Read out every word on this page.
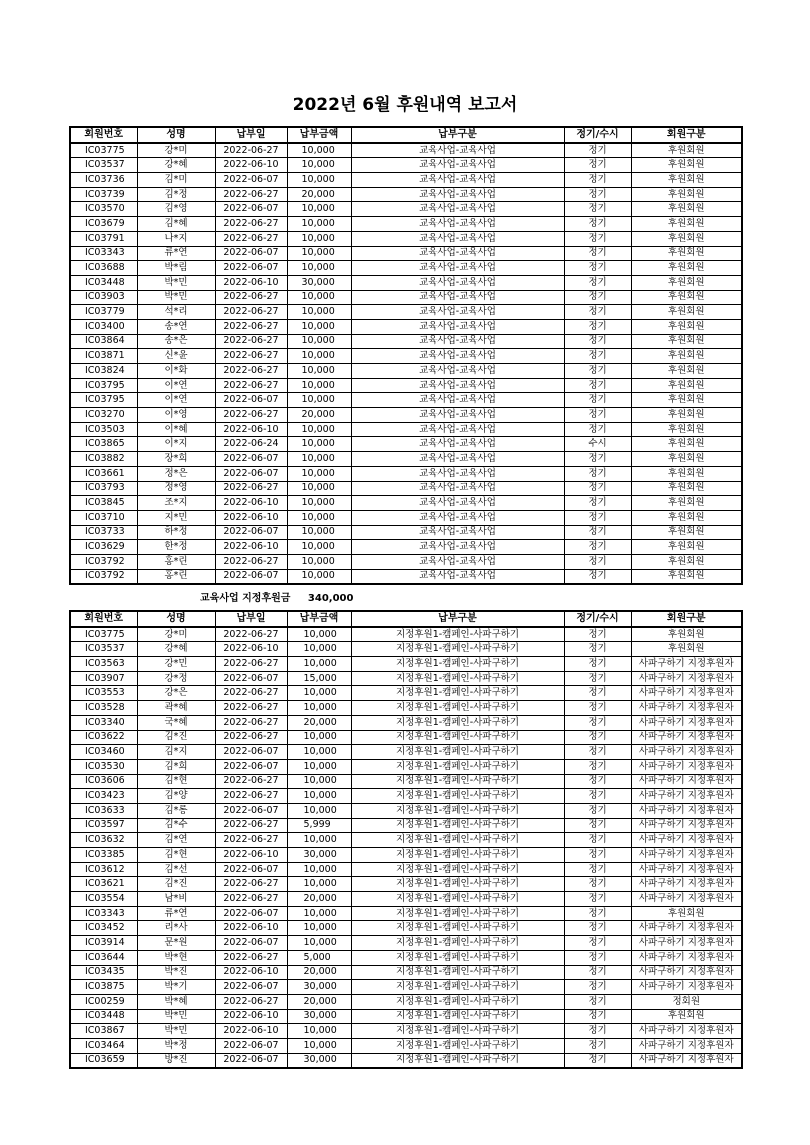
2022년 6월 후원내역 보고서
회원번호	성명	납부일	납부금액	납부구분	정기/수시	회원구분
IC03775	강*미	2022-06-27	10,000	교육사업-교육사업	정기	후원회원
IC03537	강*혜	2022-06-10	10,000	교육사업-교육사업	정기	후원회원
IC03736	김*미	2022-06-07	10,000	교육사업-교육사업	정기	후원회원
IC03739	김*정	2022-06-27	20,000	교육사업-교육사업	정기	후원회원
IC03570	김*영	2022-06-07	10,000	교육사업-교육사업	정기	후원회원
IC03679	김*혜	2022-06-27	10,000	교육사업-교육사업	정기	후원회원
IC03791	나*지	2022-06-27	10,000	교육사업-교육사업	정기	후원회원
IC03343	류*연	2022-06-07	10,000	교육사업-교육사업	정기	후원회원
IC03688	박*림	2022-06-07	10,000	교육사업-교육사업	정기	후원회원
IC03448	박*민	2022-06-10	30,000	교육사업-교육사업	정기	후원회원
IC03903	박*민	2022-06-27	10,000	교육사업-교육사업	정기	후원회원
IC03779	석*리	2022-06-27	10,000	교육사업-교육사업	정기	후원회원
IC03400	송*연	2022-06-27	10,000	교육사업-교육사업	정기	후원회원
IC03864	송*은	2022-06-27	10,000	교육사업-교육사업	정기	후원회원
IC03871	신*윤	2022-06-27	10,000	교육사업-교육사업	정기	후원회원
IC03824	이*화	2022-06-27	10,000	교육사업-교육사업	정기	후원회원
IC03795	이*연	2022-06-27	10,000	교육사업-교육사업	정기	후원회원
IC03795	이*연	2022-06-07	10,000	교육사업-교육사업	정기	후원회원
IC03270	이*영	2022-06-27	20,000	교육사업-교육사업	정기	후원회원
IC03503	이*혜	2022-06-10	10,000	교육사업-교육사업	정기	후원회원
IC03865	이*지	2022-06-24	10,000	교육사업-교육사업	수시	후원회원
IC03882	장*희	2022-06-07	10,000	교육사업-교육사업	정기	후원회원
IC03661	정*은	2022-06-07	10,000	교육사업-교육사업	정기	후원회원
IC03793	정*영	2022-06-27	10,000	교육사업-교육사업	정기	후원회원
IC03845	조*지	2022-06-10	10,000	교육사업-교육사업	정기	후원회원
IC03710	지*민	2022-06-10	10,000	교육사업-교육사업	정기	후원회원
IC03733	하*정	2022-06-07	10,000	교육사업-교육사업	정기	후원회원
IC03629	한*정	2022-06-10	10,000	교육사업-교육사업	정기	후원회원
IC03792	홍*린	2022-06-27	10,000	교육사업-교육사업	정기	후원회원
IC03792	홍*린	2022-06-07	10,000	교육사업-교육사업	정기	후원회원
교육사업 지정후원금 340,000
회원번호	성명	납부일	납부금액	납부구분	정기/수시	회원구분
IC03775	강*미	2022-06-27	10,000	지정후원1-캠페인-사파구하기	정기	후원회원
IC03537	강*혜	2022-06-10	10,000	지정후원1-캠페인-사파구하기	정기	후원회원
IC03563	강*민	2022-06-27	10,000	지정후원1-캠페인-사파구하기	정기	사파구하기 지정후원자
IC03907	강*정	2022-06-07	15,000	지정후원1-캠페인-사파구하기	정기	사파구하기 지정후원자
IC03553	강*은	2022-06-27	10,000	지정후원1-캠페인-사파구하기	정기	사파구하기 지정후원자
IC03528	곽*혜	2022-06-27	10,000	지정후원1-캠페인-사파구하기	정기	사파구하기 지정후원자
IC03340	국*혜	2022-06-27	20,000	지정후원1-캠페인-사파구하기	정기	사파구하기 지정후원자
IC03622	김*진	2022-06-27	10,000	지정후원1-캠페인-사파구하기	정기	사파구하기 지정후원자
IC03460	김*지	2022-06-07	10,000	지정후원1-캠페인-사파구하기	정기	사파구하기 지정후원자
IC03530	김*희	2022-06-07	10,000	지정후원1-캠페인-사파구하기	정기	사파구하기 지정후원자
IC03606	김*현	2022-06-27	10,000	지정후원1-캠페인-사파구하기	정기	사파구하기 지정후원자
IC03423	김*양	2022-06-27	10,000	지정후원1-캠페인-사파구하기	정기	사파구하기 지정후원자
IC03633	김*롱	2022-06-07	10,000	지정후원1-캠페인-사파구하기	정기	사파구하기 지정후원자
IC03597	김*수	2022-06-27	5,999	지정후원1-캠페인-사파구하기	정기	사파구하기 지정후원자
IC03632	김*연	2022-06-27	10,000	지정후원1-캠페인-사파구하기	정기	사파구하기 지정후원자
IC03385	김*현	2022-06-10	30,000	지정후원1-캠페인-사파구하기	정기	사파구하기 지정후원자
IC03612	김*선	2022-06-07	10,000	지정후원1-캠페인-사파구하기	정기	사파구하기 지정후원자
IC03621	김*진	2022-06-27	10,000	지정후원1-캠페인-사파구하기	정기	사파구하기 지정후원자
IC03554	남*비	2022-06-27	20,000	지정후원1-캠페인-사파구하기	정기	사파구하기 지정후원자
IC03343	류*연	2022-06-07	10,000	지정후원1-캠페인-사파구하기	정기	후원회원
IC03452	리*사	2022-06-10	10,000	지정후원1-캠페인-사파구하기	정기	사파구하기 지정후원자
IC03914	문*원	2022-06-07	10,000	지정후원1-캠페인-사파구하기	정기	사파구하기 지정후원자
IC03644	박*현	2022-06-27	5,000	지정후원1-캠페인-사파구하기	정기	사파구하기 지정후원자
IC03435	박*진	2022-06-10	20,000	지정후원1-캠페인-사파구하기	정기	사파구하기 지정후원자
IC03875	박*기	2022-06-07	30,000	지정후원1-캠페인-사파구하기	정기	사파구하기 지정후원자
IC00259	박*혜	2022-06-27	20,000	지정후원1-캠페인-사파구하기	정기	정회원
IC03448	박*민	2022-06-10	30,000	지정후원1-캠페인-사파구하기	정기	후원회원
IC03867	박*민	2022-06-10	10,000	지정후원1-캠페인-사파구하기	정기	사파구하기 지정후원자
IC03464	박*정	2022-06-07	10,000	지정후원1-캠페인-사파구하기	정기	사파구하기 지정후원자
IC03659	방*진	2022-06-07	30,000	지정후원1-캠페인-사파구하기	정기	사파구하기 지정후원자
